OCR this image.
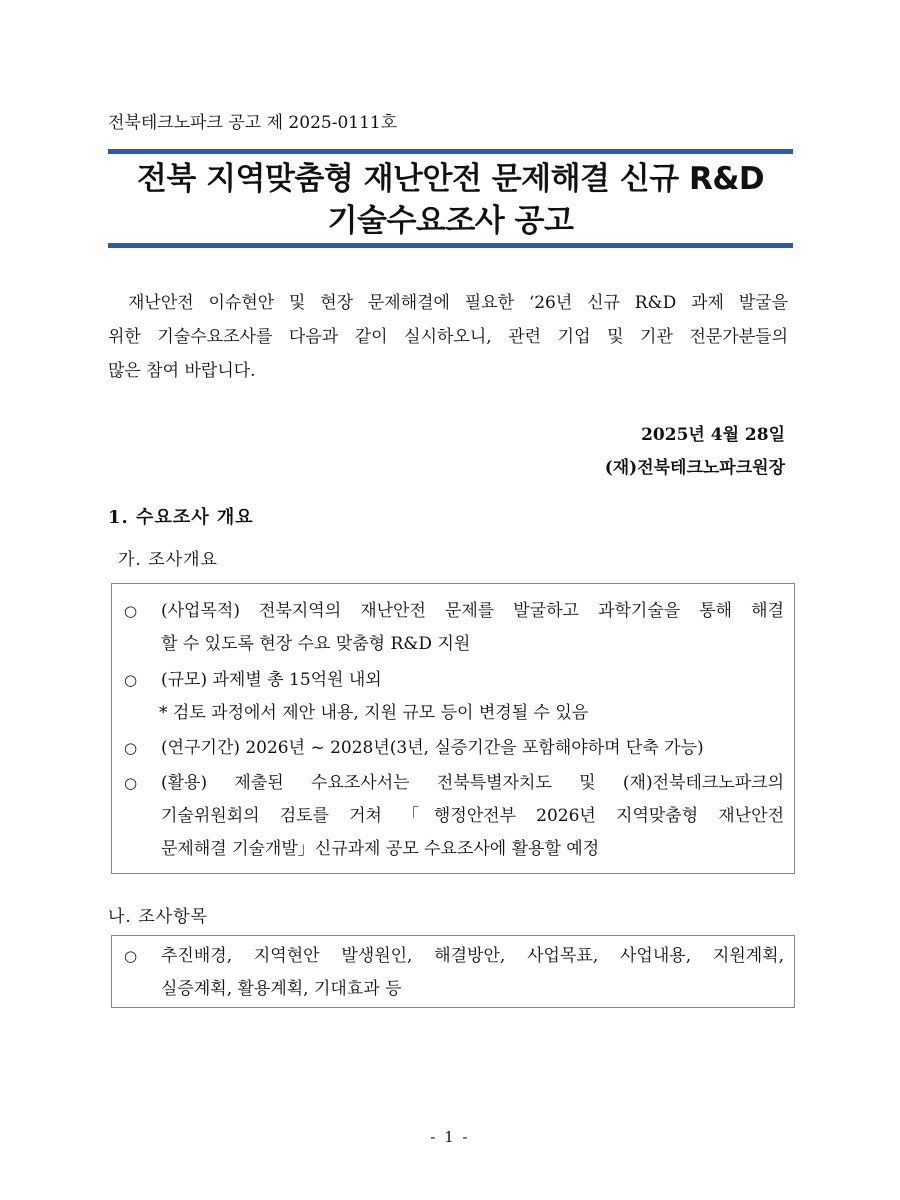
전북테크노파크 공고 제 2025-0111호
전북 지역맞춤형 재난안전 문제해결 신규 R&D
기술수요조사 공고
재난안전 이슈현안 및 현장 문제해결에 필요한 ‘26년 신규 R&D 과제 발굴을
위한 기술수요조사를 다음과 같이 실시하오니, 관련 기업 및 기관 전문가분들의
많은 참여 바랍니다.
2025년 4월 28일
(재)전북테크노파크원장
1. 수요조사 개요
가. 조사개요
○	(사업목적) 전북지역의 재난안전 문제를 발굴하고 과학기술을 통해 해결
할 수 있도록 현장 수요 맞춤형 R&D 지원
○	(규모) 과제별 총 15억원 내외
* 검토 과정에서 제안 내용, 지원 규모 등이 변경될 수 있음
○	(연구기간) 2026년 ~ 2028년(3년, 실증기간을 포함해야하며 단축 가능)
○	(활용) 제출된 수요조사서는 전북특별자치도 및 (재)전북테크노파크의
기술위원회의 검토를 거쳐 「행정안전부 2026년 지역맞춤형 재난안전
문제해결 기술개발」신규과제 공모 수요조사에 활용할 예정
나. 조사항목
○	추진배경, 지역현안 발생원인, 해결방안, 사업목표, 사업내용, 지원계획,
실증계획, 활용계획, 기대효과 등
- 1 -
